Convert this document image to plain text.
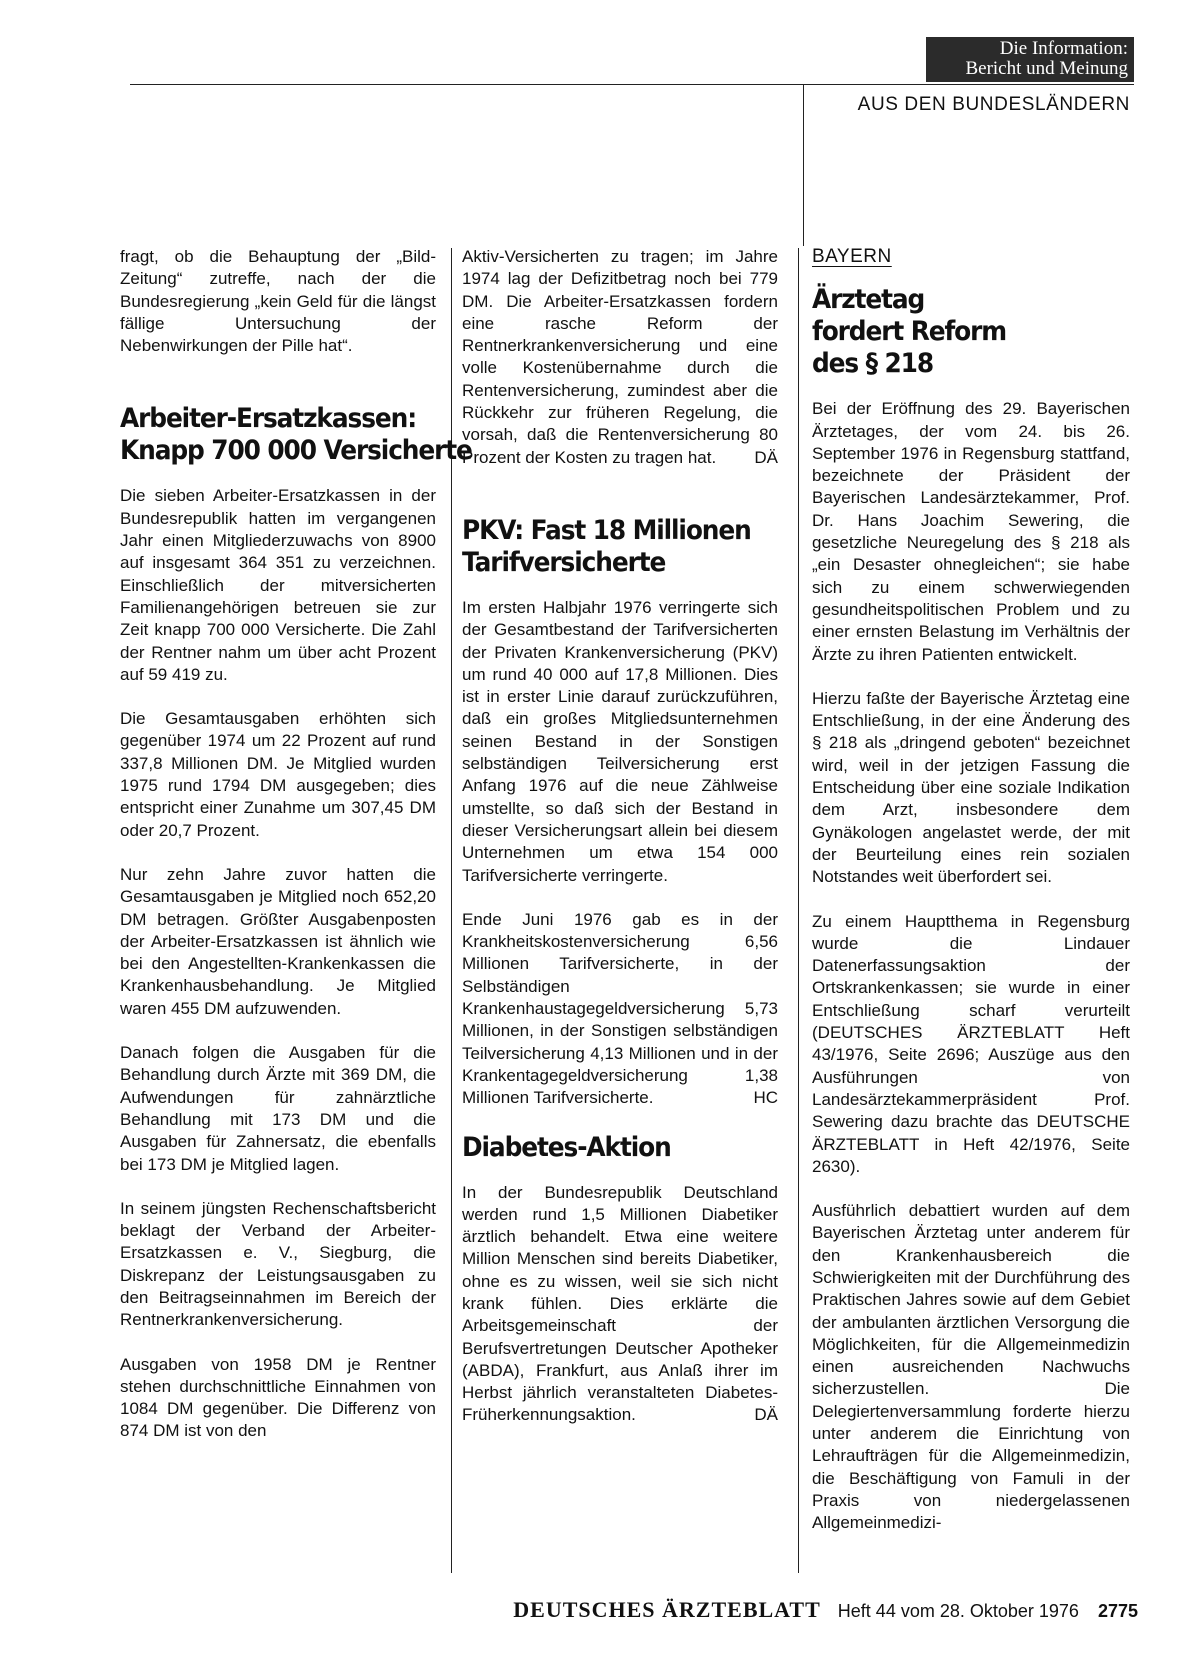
Die Information:
Bericht und Meinung
AUS DEN BUNDESLÄNDERN

fragt, ob die Behauptung der „Bild-Zeitung“ zutreffe, nach der die Bundesregierung „kein Geld für die längst fällige Untersuchung der Nebenwirkungen der Pille hat“.

Arbeiter-Ersatzkassen:
Knapp 700 000 Versicherte

Die sieben Arbeiter-Ersatzkassen in der Bundesrepublik hatten im vergangenen Jahr einen Mitgliederzuwachs von 8900 auf insgesamt 364 351 zu verzeichnen. Einschließlich der mitversicherten Familienangehörigen betreuen sie zur Zeit knapp 700 000 Versicherte. Die Zahl der Rentner nahm um über acht Prozent auf 59 419 zu.

Die Gesamtausgaben erhöhten sich gegenüber 1974 um 22 Prozent auf rund 337,8 Millionen DM. Je Mitglied wurden 1975 rund 1794 DM ausgegeben; dies entspricht einer Zunahme um 307,45 DM oder 20,7 Prozent.

Nur zehn Jahre zuvor hatten die Gesamtausgaben je Mitglied noch 652,20 DM betragen. Größter Ausgabenposten der Arbeiter-Ersatzkassen ist ähnlich wie bei den Angestellten-Krankenkassen die Krankenhausbehandlung. Je Mitglied waren 455 DM aufzuwenden.

Danach folgen die Ausgaben für die Behandlung durch Ärzte mit 369 DM, die Aufwendungen für zahnärztliche Behandlung mit 173 DM und die Ausgaben für Zahnersatz, die ebenfalls bei 173 DM je Mitglied lagen.

In seinem jüngsten Rechenschaftsbericht beklagt der Verband der Arbeiter-Ersatzkassen e. V., Siegburg, die Diskrepanz der Leistungsausgaben zu den Beitragseinnahmen im Bereich der Rentnerkrankenversicherung.

Ausgaben von 1958 DM je Rentner stehen durchschnittliche Einnahmen von 1084 DM gegenüber. Die Differenz von 874 DM ist von den

Aktiv-Versicherten zu tragen; im Jahre 1974 lag der Defizitbetrag noch bei 779 DM. Die Arbeiter-Ersatzkassen fordern eine rasche Reform der Rentnerkrankenversicherung und eine volle Kostenübernahme durch die Rentenversicherung, zumindest aber die Rückkehr zur früheren Regelung, die vorsah, daß die Rentenversicherung 80 Prozent der Kosten zu tragen hat. DÄ

PKV: Fast 18 Millionen
Tarifversicherte

Im ersten Halbjahr 1976 verringerte sich der Gesamtbestand der Tarifversicherten der Privaten Krankenversicherung (PKV) um rund 40 000 auf 17,8 Millionen. Dies ist in erster Linie darauf zurückzuführen, daß ein großes Mitgliedsunternehmen seinen Bestand in der Sonstigen selbständigen Teilversicherung erst Anfang 1976 auf die neue Zählweise umstellte, so daß sich der Bestand in dieser Versicherungsart allein bei diesem Unternehmen um etwa 154 000 Tarifversicherte verringerte.

Ende Juni 1976 gab es in der Krankheitskostenversicherung 6,56 Millionen Tarifversicherte, in der Selbständigen Krankenhaustagegeldversicherung 5,73 Millionen, in der Sonstigen selbständigen Teilversicherung 4,13 Millionen und in der Krankentagegeldversicherung 1,38 Millionen Tarifversicherte.	HC

Diabetes-Aktion

In der Bundesrepublik Deutschland werden rund 1,5 Millionen Diabetiker ärztlich behandelt. Etwa eine weitere Million Menschen sind bereits Diabetiker, ohne es zu wissen, weil sie sich nicht krank fühlen. Dies erklärte die Arbeitsgemeinschaft der Berufsvertretungen Deutscher Apotheker (ABDA), Frankfurt, aus Anlaß ihrer im Herbst jährlich veranstalteten Diabetes-Früherkennungsaktion.	DÄ

BAYERN
Ärztetag
fordert Reform
des § 218

Bei der Eröffnung des 29. Bayerischen Ärztetages, der vom 24. bis 26. September 1976 in Regensburg stattfand, bezeichnete der Präsident der Bayerischen Landesärztekammer, Prof. Dr. Hans Joachim Sewering, die gesetzliche Neuregelung des § 218 als „ein Desaster ohnegleichen“; sie habe sich zu einem schwerwiegenden gesundheitspolitischen Problem und zu einer ernsten Belastung im Verhältnis der Ärzte zu ihren Patienten entwickelt.

Hierzu faßte der Bayerische Ärztetag eine Entschließung, in der eine Änderung des § 218 als „dringend geboten“ bezeichnet wird, weil in der jetzigen Fassung die Entscheidung über eine soziale Indikation dem Arzt, insbesondere dem Gynäkologen angelastet werde, der mit der Beurteilung eines rein sozialen Notstandes weit überfordert sei.

Zu einem Hauptthema in Regensburg wurde die Lindauer Datenerfassungsaktion der Ortskrankenkassen; sie wurde in einer Entschließung scharf verurteilt (DEUTSCHES ÄRZTEBLATT Heft 43/1976, Seite 2696; Auszüge aus den Ausführungen von Landesärztekammerpräsident Prof. Sewering dazu brachte das DEUTSCHE ÄRZTEBLATT in Heft 42/1976, Seite 2630).

Ausführlich debattiert wurden auf dem Bayerischen Ärztetag unter anderem für den Krankenhausbereich die Schwierigkeiten mit der Durchführung des Praktischen Jahres sowie auf dem Gebiet der ambulanten ärztlichen Versorgung die Möglichkeiten, für die Allgemeinmedizin einen ausreichenden Nachwuchs sicherzustellen. Die Delegiertenversammlung forderte hierzu unter anderem die Einrichtung von Lehraufträgen für die Allgemeinmedizin, die Beschäftigung von Famuli in der Praxis von niedergelassenen Allgemeinmedizi-

DEUTSCHES ÄRZTEBLATT Heft 44 vom 28. Oktober 1976 2775
